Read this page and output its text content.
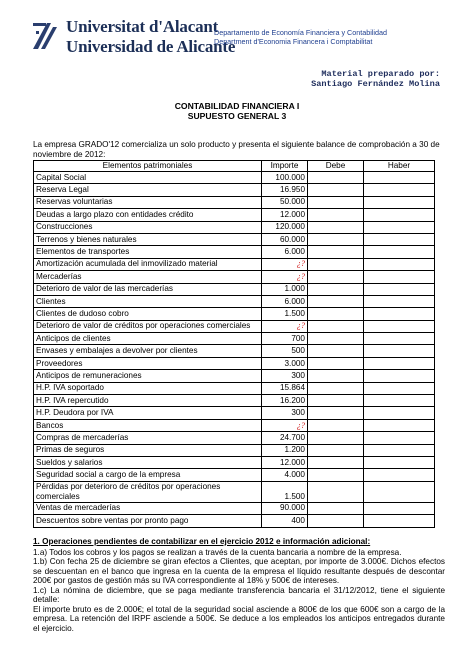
Universitat d'Alacant
Universidad de Alicante
Departamento de Economía Financiera y Contabilidad
Department d'Economia Financera i Comptabilitat
Material preparado por:
Santiago Fernández Molina
CONTABILIDAD FINANCIERA I
SUPUESTO GENERAL 3
La empresa GRADO'12 comercializa un solo producto y presenta el siguiente balance de comprobación a 30 de noviembre de 2012:
Elementos patrimoniales	Importe	Debe	Haber
Capital Social	100.000		
Reserva Legal	16.950		
Reservas voluntarias	50.000		
Deudas a largo plazo con entidades crédito	12.000		
Construcciones	120.000		
Terrenos y bienes naturales	60.000		
Elementos de transportes	6.000		
Amortización acumulada del inmovilizado material	¿?		
Mercaderías	¿?		
Deterioro de valor de las mercaderías	1.000		
Clientes	6.000		
Clientes de dudoso cobro	1.500		
Deterioro de valor de créditos por operaciones comerciales	¿?		
Anticipos de clientes	700		
Envases y embalajes a devolver por clientes	500		
Proveedores	3.000		
Anticipos de remuneraciones	300		
H.P. IVA soportado	15.864		
H.P. IVA repercutido	16.200		
H.P. Deudora por IVA	300		
Bancos	¿?		
Compras de mercaderías	24.700		
Primas de seguros	1.200		
Sueldos y salarios	12.000		
Seguridad social a cargo de la empresa	4.000		
Pérdidas por deterioro de créditos por operaciones comerciales	1.500		
Ventas de mercaderías	90.000		
Descuentos sobre ventas por pronto pago	400		
1. Operaciones pendientes de contabilizar en el ejercicio 2012 e información adicional:

1.a) Todos los cobros y los pagos se realizan a través de la cuenta bancaria a nombre de la empresa.

1.b) Con fecha 25 de diciembre se giran efectos a Clientes, que aceptan, por importe de 3.000€. Dichos efectos se descuentan en el banco que ingresa en la cuenta de la empresa el líquido resultante después de descontar 200€ por gastos de gestión más su IVA correspondiente al 18% y 500€ de intereses.

1.c) La nómina de diciembre, que se paga mediante transferencia bancaria el 31/12/2012, tiene el siguiente detalle:

El importe bruto es de 2.000€; el total de la seguridad social asciende a 800€ de los que 600€ son a cargo de la empresa. La retención del IRPF asciende a 500€. Se deduce a los empleados los anticipos entregados durante el ejercicio.
